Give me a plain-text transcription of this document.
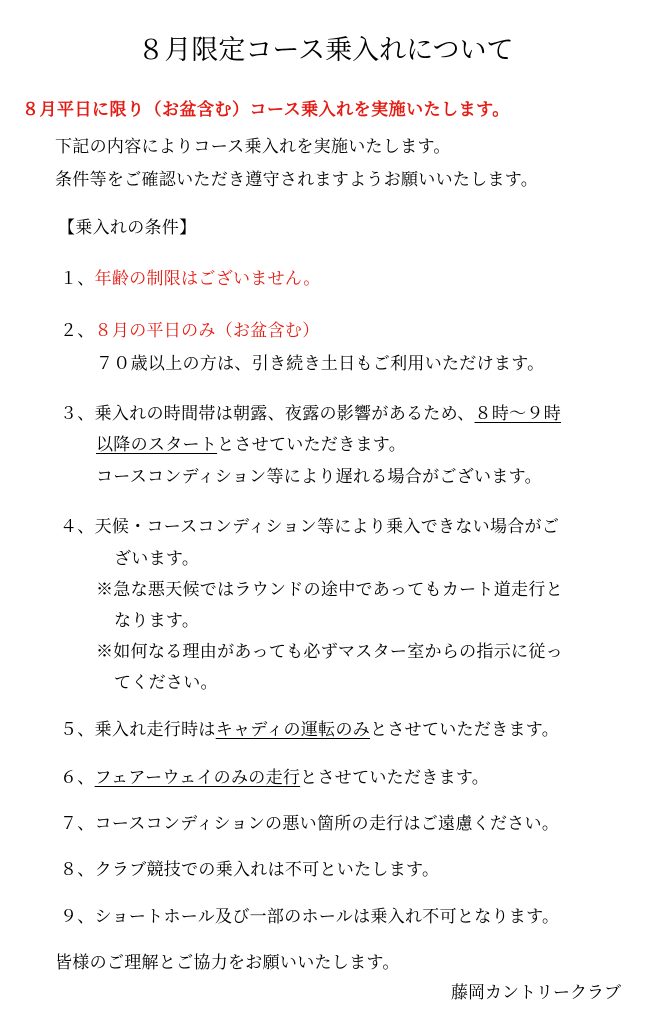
８月限定コース乗入れについて
８月平日に限り（お盆含む）コース乗入れを実施いたします。
下記の内容によりコース乗入れを実施いたします。
条件等をご確認いただき遵守されますようお願いいたします。
【乗入れの条件】
１、年齢の制限はございません。
２、８月の平日のみ（お盆含む）
７０歳以上の方は、引き続き土日もご利用いただけます。
３、乗入れの時間帯は朝露、夜露の影響があるため、８時～９時
以降のスタートとさせていただきます。
コースコンディション等により遅れる場合がございます。
４、天候・コースコンディション等により乗入できない場合がご
ざいます。
※急な悪天候ではラウンドの途中であってもカート道走行と
なります。
※如何なる理由があっても必ずマスター室からの指示に従っ
てください。
５、乗入れ走行時はキャディの運転のみとさせていただきます。
６、フェアーウェイのみの走行とさせていただきます。
７、コースコンディションの悪い箇所の走行はご遠慮ください。
８、クラブ競技での乗入れは不可といたします。
９、ショートホール及び一部のホールは乗入れ不可となります。
皆様のご理解とご協力をお願いいたします。
藤岡カントリークラブ
